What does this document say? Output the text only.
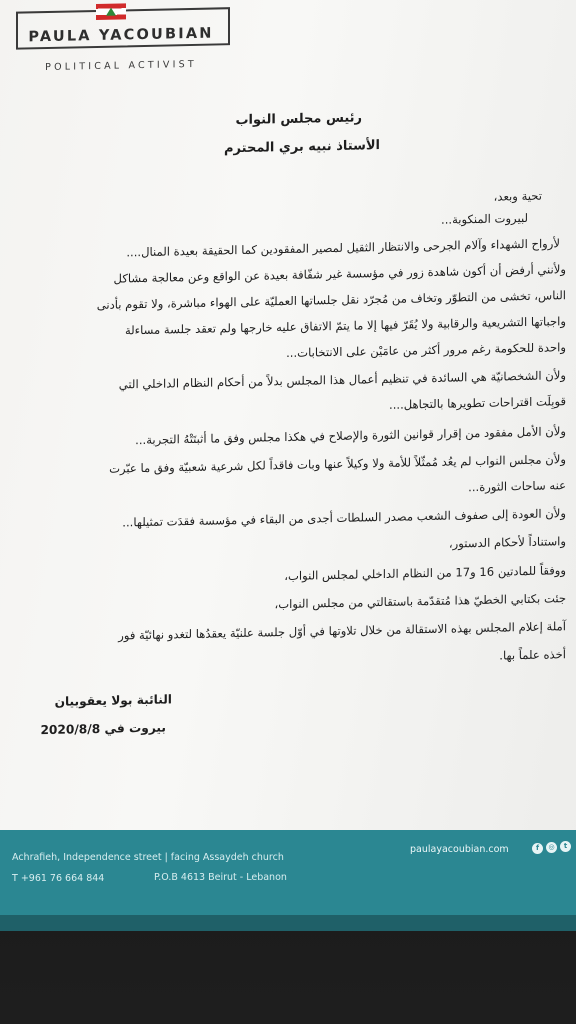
PAULA YACOUBIAN
POLITICAL ACTIVIST
رئيس مجلس النواب
الأستاذ نبيه بري المحترم
تحية وبعد،
لبيروت المنكوبة...
لأرواح الشهداء وآلام الجرحى والانتظار الثقيل لمصير المفقودين كما الحقيقة بعيدة المنال....
ولأنني أرفض أن أكون شاهدة زور في مؤسسة غير شفّافة بعيدة عن الواقع وعن معالجة مشاكل
الناس، تخشى من التطوّر وتخاف من مُجرّد نقل جلساتها العمليّة على الهواء مباشرة، ولا تقوم بأدنى
واجباتها التشريعية والرقابية ولا يُقَرّ فيها إلا ما يتمّ الاتفاق عليه خارجها ولم تعقد جلسة مساءلة
واحدة للحكومة رغم مرور أكثر من عامَيْن على الانتخابات...
ولأن الشخصانيّة هي السائدة في تنظيم أعمال هذا المجلس بدلاً من أحكام النظام الداخلي التي
قوبِلَت اقتراحات تطويرها بالتجاهل....
ولأن الأمل مفقود من إقرار قوانين الثورة والإصلاح في هكذا مجلس وفق ما أثبتَتْهُ التجربة...
ولأن مجلس النواب لم يعُد مُمثّلاً للأمة ولا وكيلاً عنها وبات فاقداً لكل شرعية شعبيّة وفق ما عبّرت
عنه ساحات الثورة...
ولأن العودة إلى صفوف الشعب مصدر السلطات أجدى من البقاء في مؤسسة فقدَت تمثيلها...
واستناداً لأحكام الدستور،
ووفقاً للمادتين 16 و17 من النظام الداخلي لمجلس النواب،
جئت بكتابي الخطيّ هذا مُتقدّمة باستقالتي من مجلس النواب،
آملة إعلام المجلس بهذه الاستقالة من خلال تلاوتها في أوّل جلسة علنيّة يعقدُها لتغدو نهائيّة فور
أخذه علماً بها.
النائبة بولا يعقوبيان
بيروت في 2020/8/8
Achrafieh, Independence street | facing Assaydeh church
T +961 76 664 844	P.O.B 4613 Beirut - Lebanon
paulayacoubian.com	f	◎	t
